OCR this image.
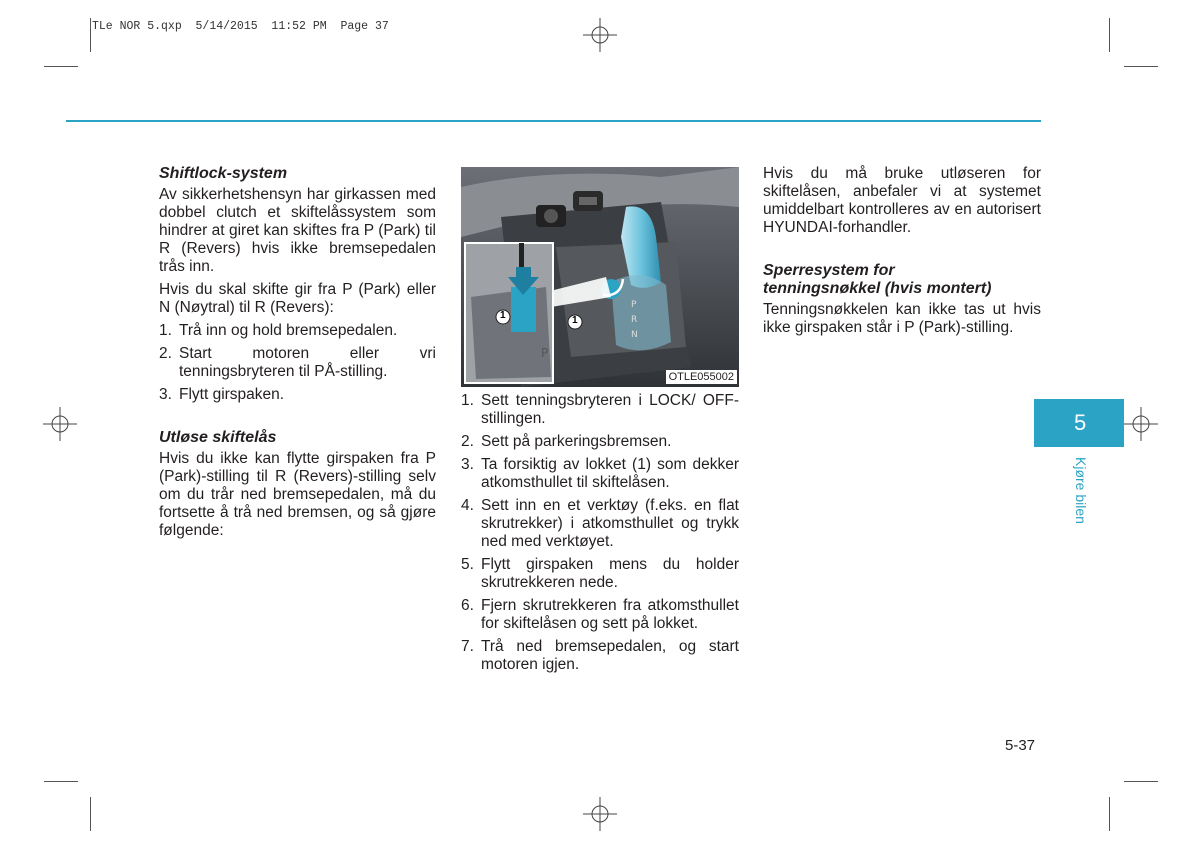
TLe NOR 5.qxp  5/14/2015  11:52 PM  Page 37
Shiftlock-system

Av sikkerhetshensyn har girkassen med dobbel clutch et skiftelåssystem som hindrer at giret kan skiftes fra P (Park) til R (Revers) hvis ikke bremsepedalen trås inn.

Hvis du skal skifte gir fra P (Park) eller N (Nøytral) til R (Revers):

1. Trå inn og hold bremsepedalen.
2. Start motoren eller vri tenningsbryteren til PÅ-stilling.
3. Flytt girspaken.
Utløse skiftelås

Hvis du ikke kan flytte girspaken fra P (Park)-stilling til R (Revers)-stilling selv om du trår ned bremsepedalen, må du fortsette å trå ned bremsen, og så gjøre følgende:

P
R
N
P
1	1
OTLE055002
1. Sett tenningsbryteren i LOCK/ OFF-stillingen.
2. Sett på parkeringsbremsen.
3. Ta forsiktig av lokket (1) som dekker atkomsthullet til skiftelåsen.
4. Sett inn en et verktøy (f.eks. en flat skrutrekker) i atkomsthullet og trykk ned med verktøyet.
5. Flytt girspaken mens du holder skrutrekkeren nede.
6. Fjern skrutrekkeren fra atkomsthullet for skiftelåsen og sett på lokket.
7. Trå ned bremsepedalen, og start motoren igjen.

Hvis du må bruke utløseren for skiftelåsen, anbefaler vi at systemet umiddelbart kontrolleres av en autorisert HYUNDAI-forhandler.

Sperresystem for
tenningsnøkkel (hvis montert)

Tenningsnøkkelen kan ikke tas ut hvis ikke girspaken står i P (Park)-stilling.

5
Kjøre bilen
5-37
